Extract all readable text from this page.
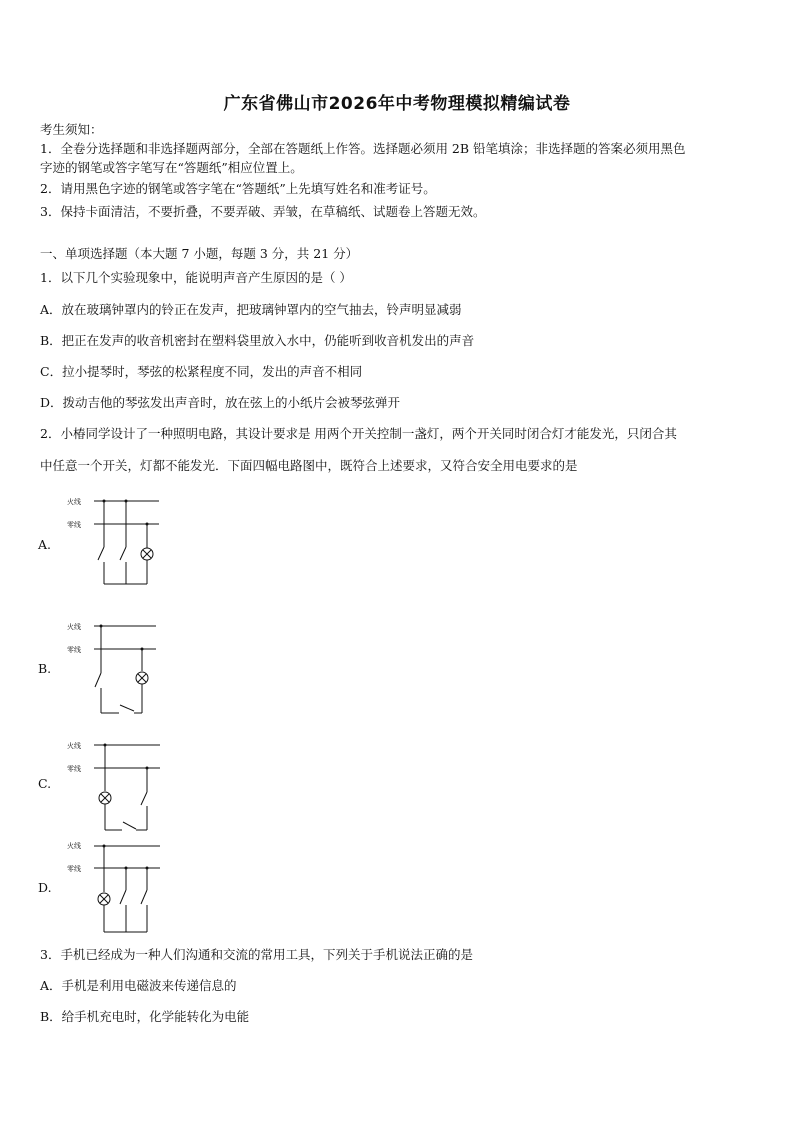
广东省佛山市2026年中考物理模拟精编试卷
考生须知：
1．全卷分选择题和非选择题两部分，全部在答题纸上作答。选择题必须用 2B 铅笔填涂；非选择题的答案必须用黑色
字迹的钢笔或答字笔写在“答题纸”相应位置上。
2．请用黑色字迹的钢笔或答字笔在“答题纸”上先填写姓名和准考证号。
3．保持卡面清洁，不要折叠，不要弄破、弄皱，在草稿纸、试题卷上答题无效。
一、单项选择题（本大题 7 小题，每题 3 分，共 21 分）
1．以下几个实验现象中，能说明声音产生原因的是（ ）
A．放在玻璃钟罩内的铃正在发声，把玻璃钟罩内的空气抽去，铃声明显减弱
B．把正在发声的收音机密封在塑料袋里放入水中，仍能听到收音机发出的声音
C．拉小提琴时，琴弦的松紧程度不同，发出的声音不相同
D．拨动吉他的琴弦发出声音时，放在弦上的小纸片会被琴弦弹开
2．小椿同学设计了一种照明电路，其设计要求是 用两个开关控制一盏灯，两个开关同时闭合灯才能发光，只闭合其
中任意一个开关，灯都不能发光．下面四幅电路图中，既符合上述要求，又符合安全用电要求的是
A.
火线
零线
B.
火线
零线
C.
火线
零线
D.
火线
零线
3．手机已经成为一种人们沟通和交流的常用工具，下列关于手机说法正确的是
A．手机是利用电磁波来传递信息的
B．给手机充电时，化学能转化为电能
